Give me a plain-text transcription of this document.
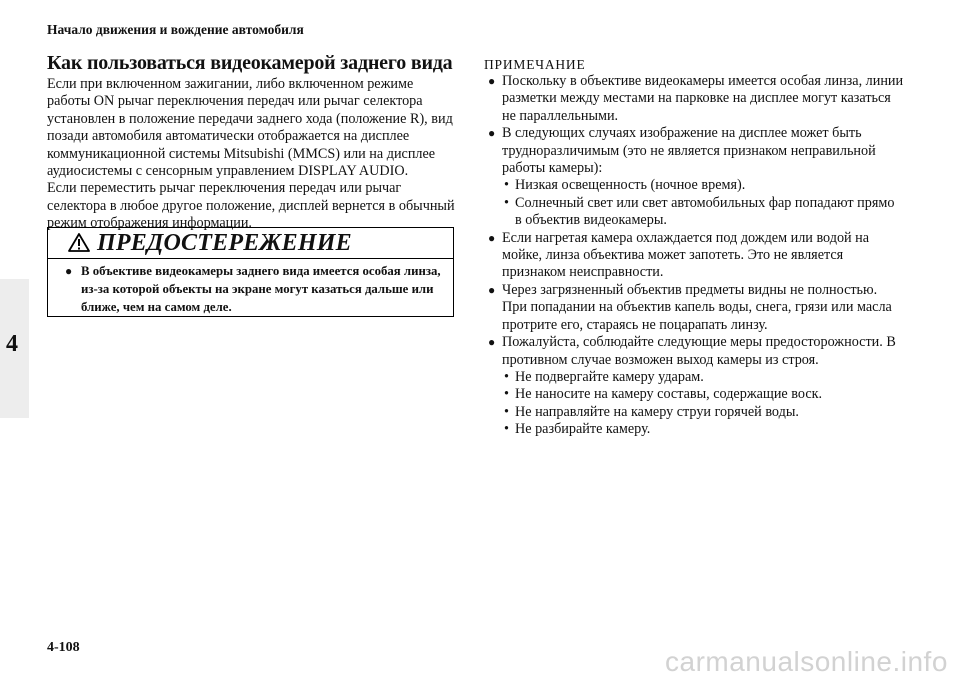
Начало движения и вождение автомобиля
4
Как пользоваться видеокамерой заднего вида

Если при включенном зажигании, либо включенном режиме работы ON рычаг переключения передач или рычаг селектора установлен в положение передачи заднего хода (положение R), вид позади автомобиля автоматически отображается на дисплее коммуникационной системы Mitsubishi (MMCS) или на дисплее аудиосистемы с сенсорным управлением DISPLAY AUDIO.

Если переместить рычаг переключения передач или рычаг селектора в любое другое положение, дисплей вернется в обычный режим отображения информации.

ПРЕДОСТЕРЕЖЕНИЕ
● В объективе видеокамеры заднего вида имеется особая линза, из-за которой объекты на экране могут казаться дальше или ближе, чем на самом деле.
ПРИМЕЧАНИЕ
● Поскольку в объективе видеокамеры имеется особая линза, линии разметки между местами на парковке на дисплее могут казаться не параллельными.
● В следующих случаях изображение на дисплее может быть трудноразличимым (это не является признаком неправильной работы камеры):
• Низкая освещенность (ночное время).
• Солнечный свет или свет автомобильных фар попадают прямо в объектив видеокамеры.
● Если нагретая камера охлаждается под дождем или водой на мойке, линза объектива может запотеть. Это не является признаком неисправности.
● Через загрязненный объектив предметы видны не полностью. При попадании на объектив капель воды, снега, грязи или масла протрите его, стараясь не поцарапать линзу.
● Пожалуйста, соблюдайте следующие меры предосторожности. В противном случае возможен выход камеры из строя.
• Не подвергайте камеру ударам.
• Не наносите на камеру составы, содержащие воск.
• Не направляйте на камеру струи горячей воды.
• Не разбирайте камеру.
4-108	carmanualsonline.info
